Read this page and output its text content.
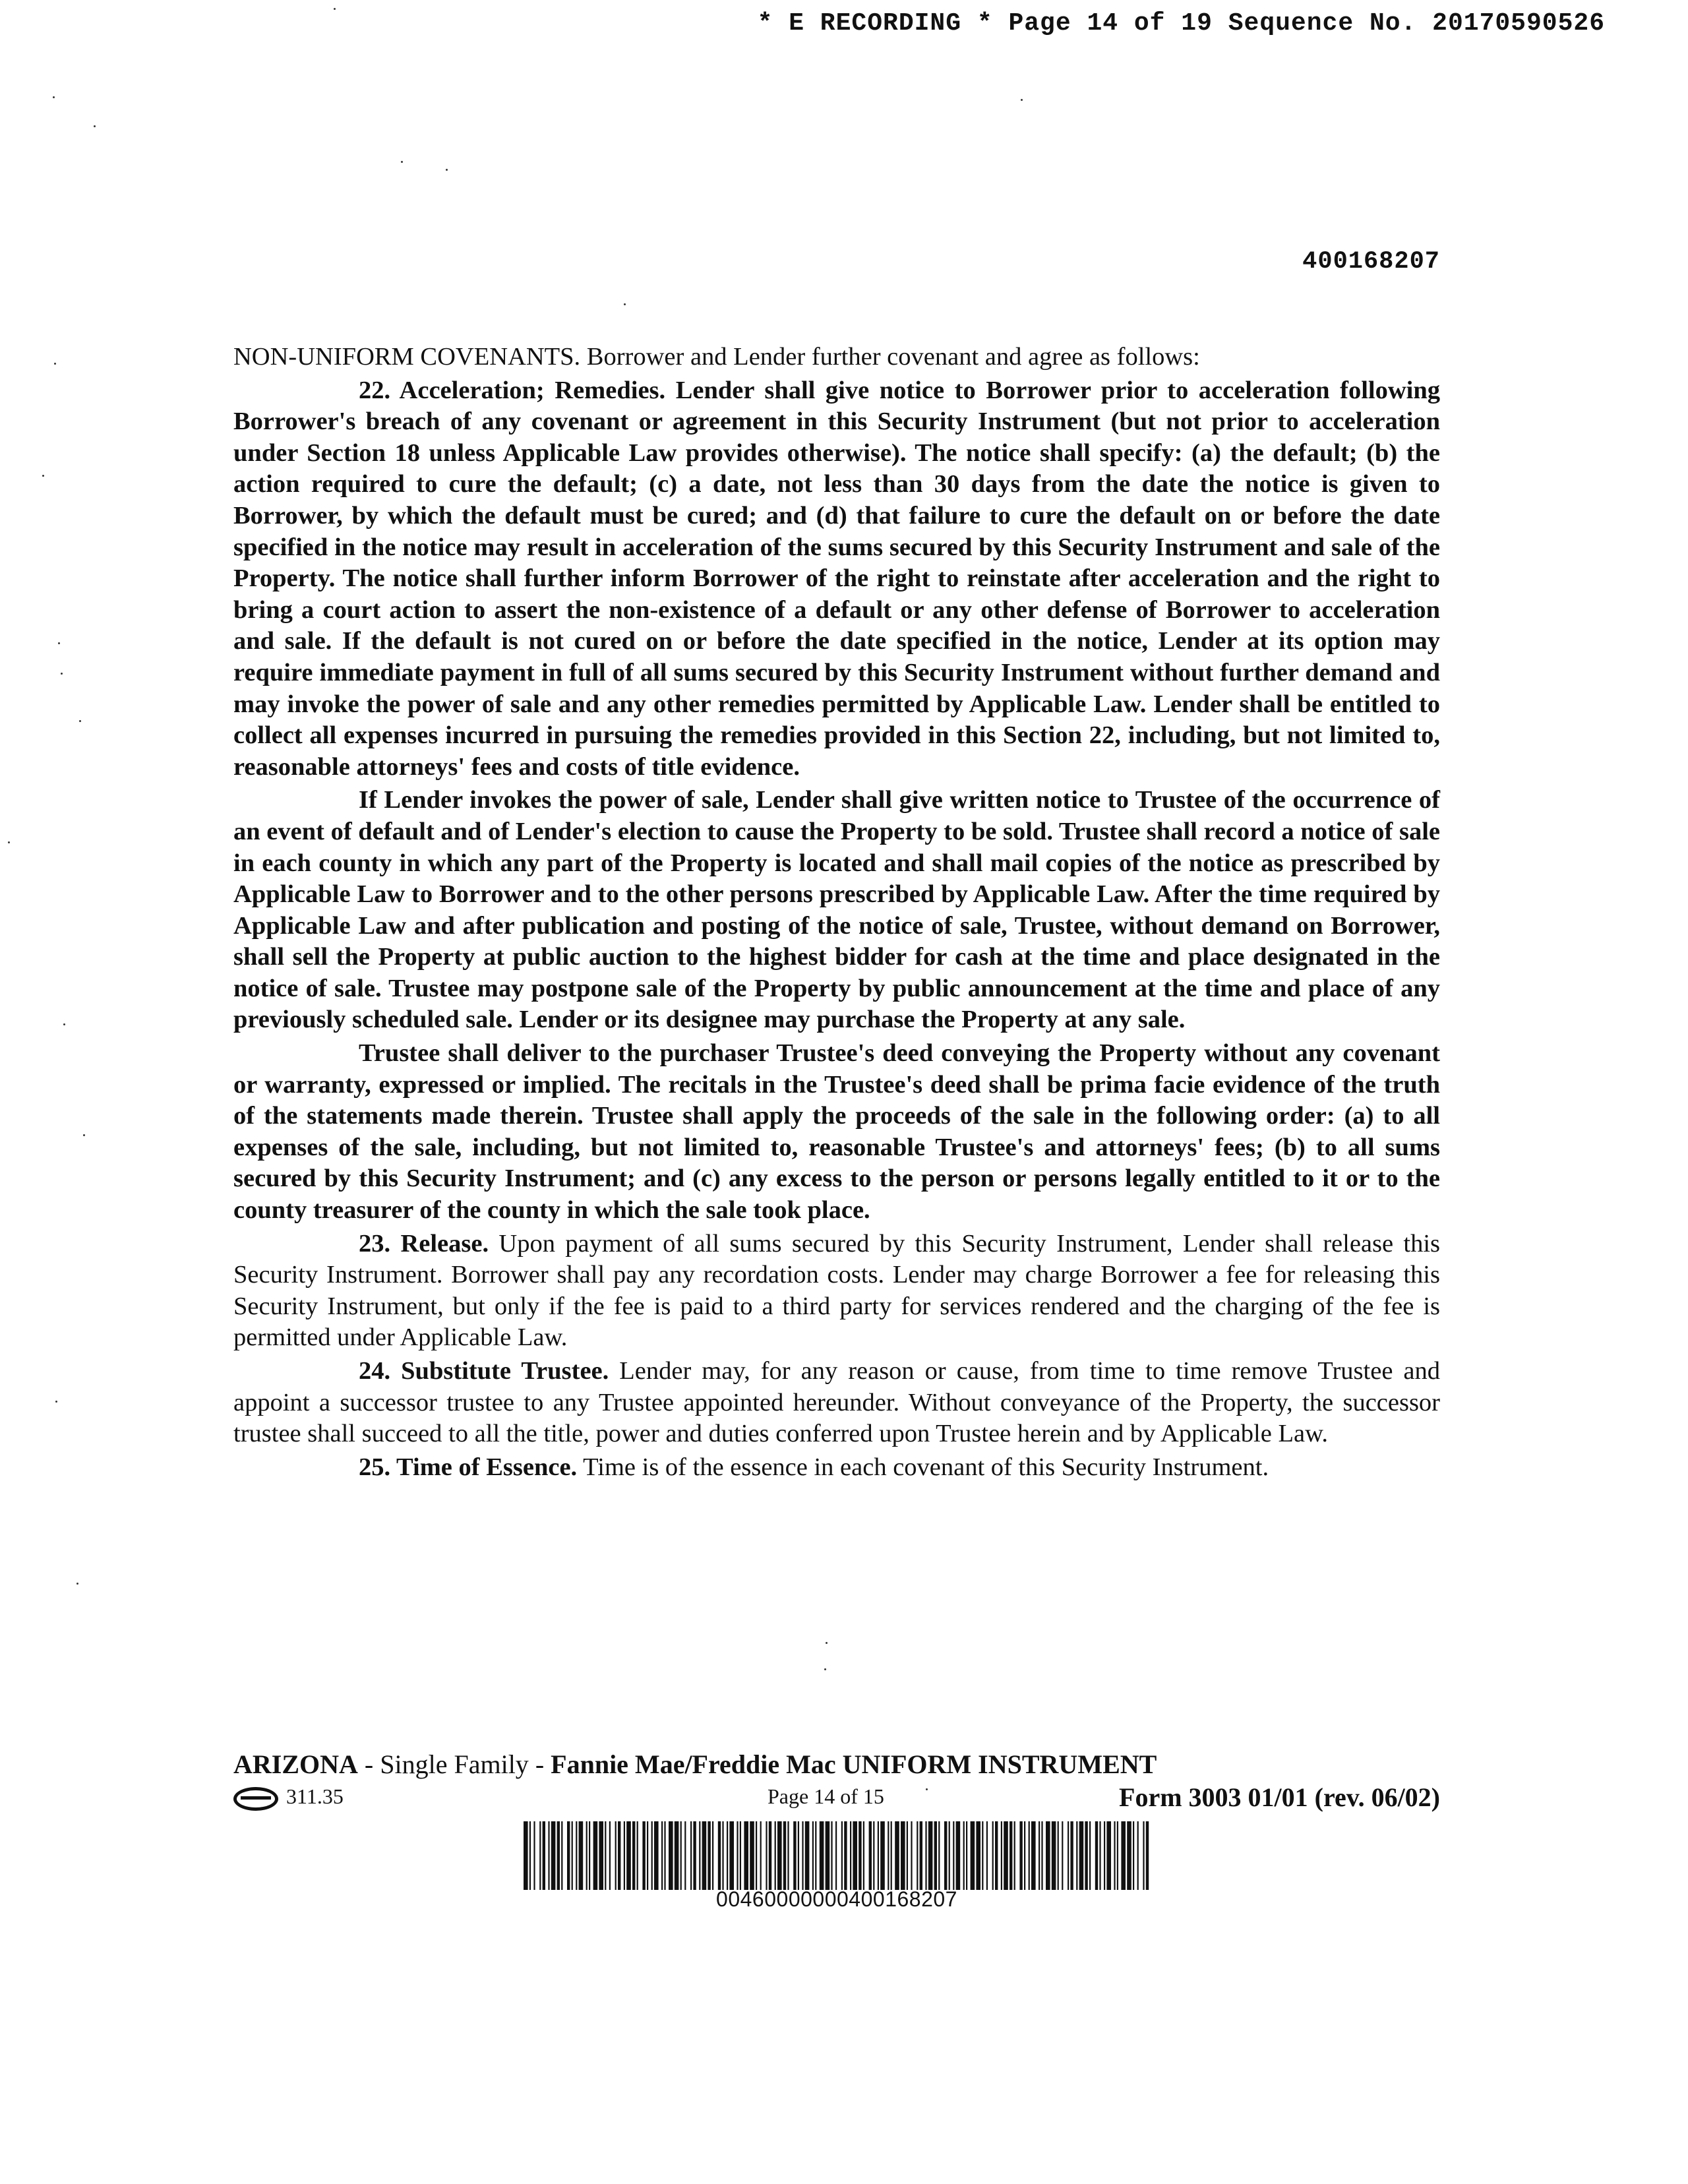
* E RECORDING * Page 14 of 19 Sequence No. 20170590526
400168207

NON-UNIFORM COVENANTS. Borrower and Lender further covenant and agree as follows:

22. Acceleration; Remedies. Lender shall give notice to Borrower prior to acceleration following Borrower's breach of any covenant or agreement in this Security Instrument (but not prior to acceleration under Section 18 unless Applicable Law provides otherwise). The notice shall specify: (a) the default; (b) the action required to cure the default; (c) a date, not less than 30 days from the date the notice is given to Borrower, by which the default must be cured; and (d) that failure to cure the default on or before the date specified in the notice may result in acceleration of the sums secured by this Security Instrument and sale of the Property. The notice shall further inform Borrower of the right to reinstate after acceleration and the right to bring a court action to assert the non-existence of a default or any other defense of Borrower to acceleration and sale. If the default is not cured on or before the date specified in the notice, Lender at its option may require immediate payment in full of all sums secured by this Security Instrument without further demand and may invoke the power of sale and any other remedies permitted by Applicable Law. Lender shall be entitled to collect all expenses incurred in pursuing the remedies provided in this Section 22, including, but not limited to, reasonable attorneys' fees and costs of title evidence.

If Lender invokes the power of sale, Lender shall give written notice to Trustee of the occurrence of an event of default and of Lender's election to cause the Property to be sold. Trustee shall record a notice of sale in each county in which any part of the Property is located and shall mail copies of the notice as prescribed by Applicable Law to Borrower and to the other persons prescribed by Applicable Law. After the time required by Applicable Law and after publication and posting of the notice of sale, Trustee, without demand on Borrower, shall sell the Property at public auction to the highest bidder for cash at the time and place designated in the notice of sale. Trustee may postpone sale of the Property by public announcement at the time and place of any previously scheduled sale. Lender or its designee may purchase the Property at any sale.

Trustee shall deliver to the purchaser Trustee's deed conveying the Property without any covenant or warranty, expressed or implied. The recitals in the Trustee's deed shall be prima facie evidence of the truth of the statements made therein. Trustee shall apply the proceeds of the sale in the following order: (a) to all expenses of the sale, including, but not limited to, reasonable Trustee's and attorneys' fees; (b) to all sums secured by this Security Instrument; and (c) any excess to the person or persons legally entitled to it or to the county treasurer of the county in which the sale took place.

23. Release. Upon payment of all sums secured by this Security Instrument, Lender shall release this Security Instrument. Borrower shall pay any recordation costs. Lender may charge Borrower a fee for releasing this Security Instrument, but only if the fee is paid to a third party for services rendered and the charging of the fee is permitted under Applicable Law.

24. Substitute Trustee. Lender may, for any reason or cause, from time to time remove Trustee and appoint a successor trustee to any Trustee appointed hereunder. Without conveyance of the Property, the successor trustee shall succeed to all the title, power and duties conferred upon Trustee herein and by Applicable Law.

25. Time of Essence. Time is of the essence in each covenant of this Security Instrument.

ARIZONA - Single Family - Fannie Mae/Freddie Mac UNIFORM INSTRUMENT
311.35	Page 14 of 15	Form 3003 01/01 (rev. 06/02)
00460000000400168207
